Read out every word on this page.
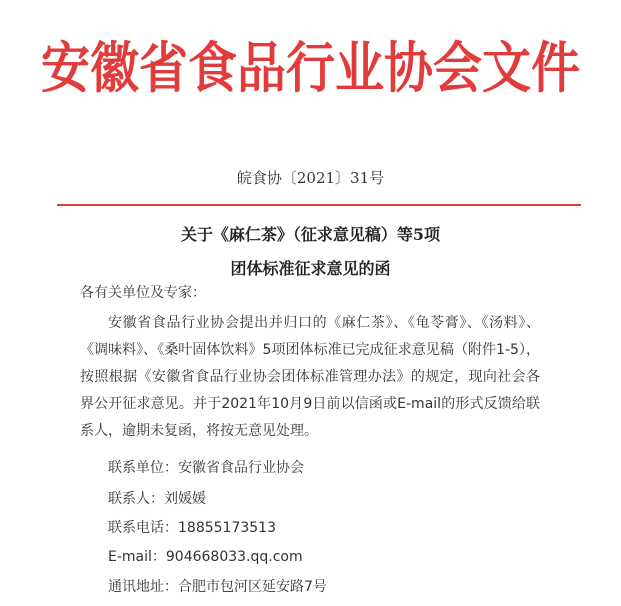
安徽省食品行业协会文件
皖食协〔2021〕31号
关于《麻仁茶》（征求意见稿）等5项
团体标准征求意见的函
各有关单位及专家：
安徽省食品行业协会提出并归口的《麻仁茶》、《龟苓膏》、《汤料》、《调味料》、《桑叶固体饮料》5项团体标准已完成征求意见稿（附件1-5），按照根据《安徽省食品行业协会团体标准管理办法》的规定，现向社会各界公开征求意见。并于2021年10月9日前以信函或E-mail的形式反馈给联系人，逾期未复函，将按无意见处理。
联系单位：安徽省食品行业协会
联系人：刘媛媛
联系电话：18855173513
E-mail：904668033.qq.com
通讯地址：合肥市包河区延安路7号
